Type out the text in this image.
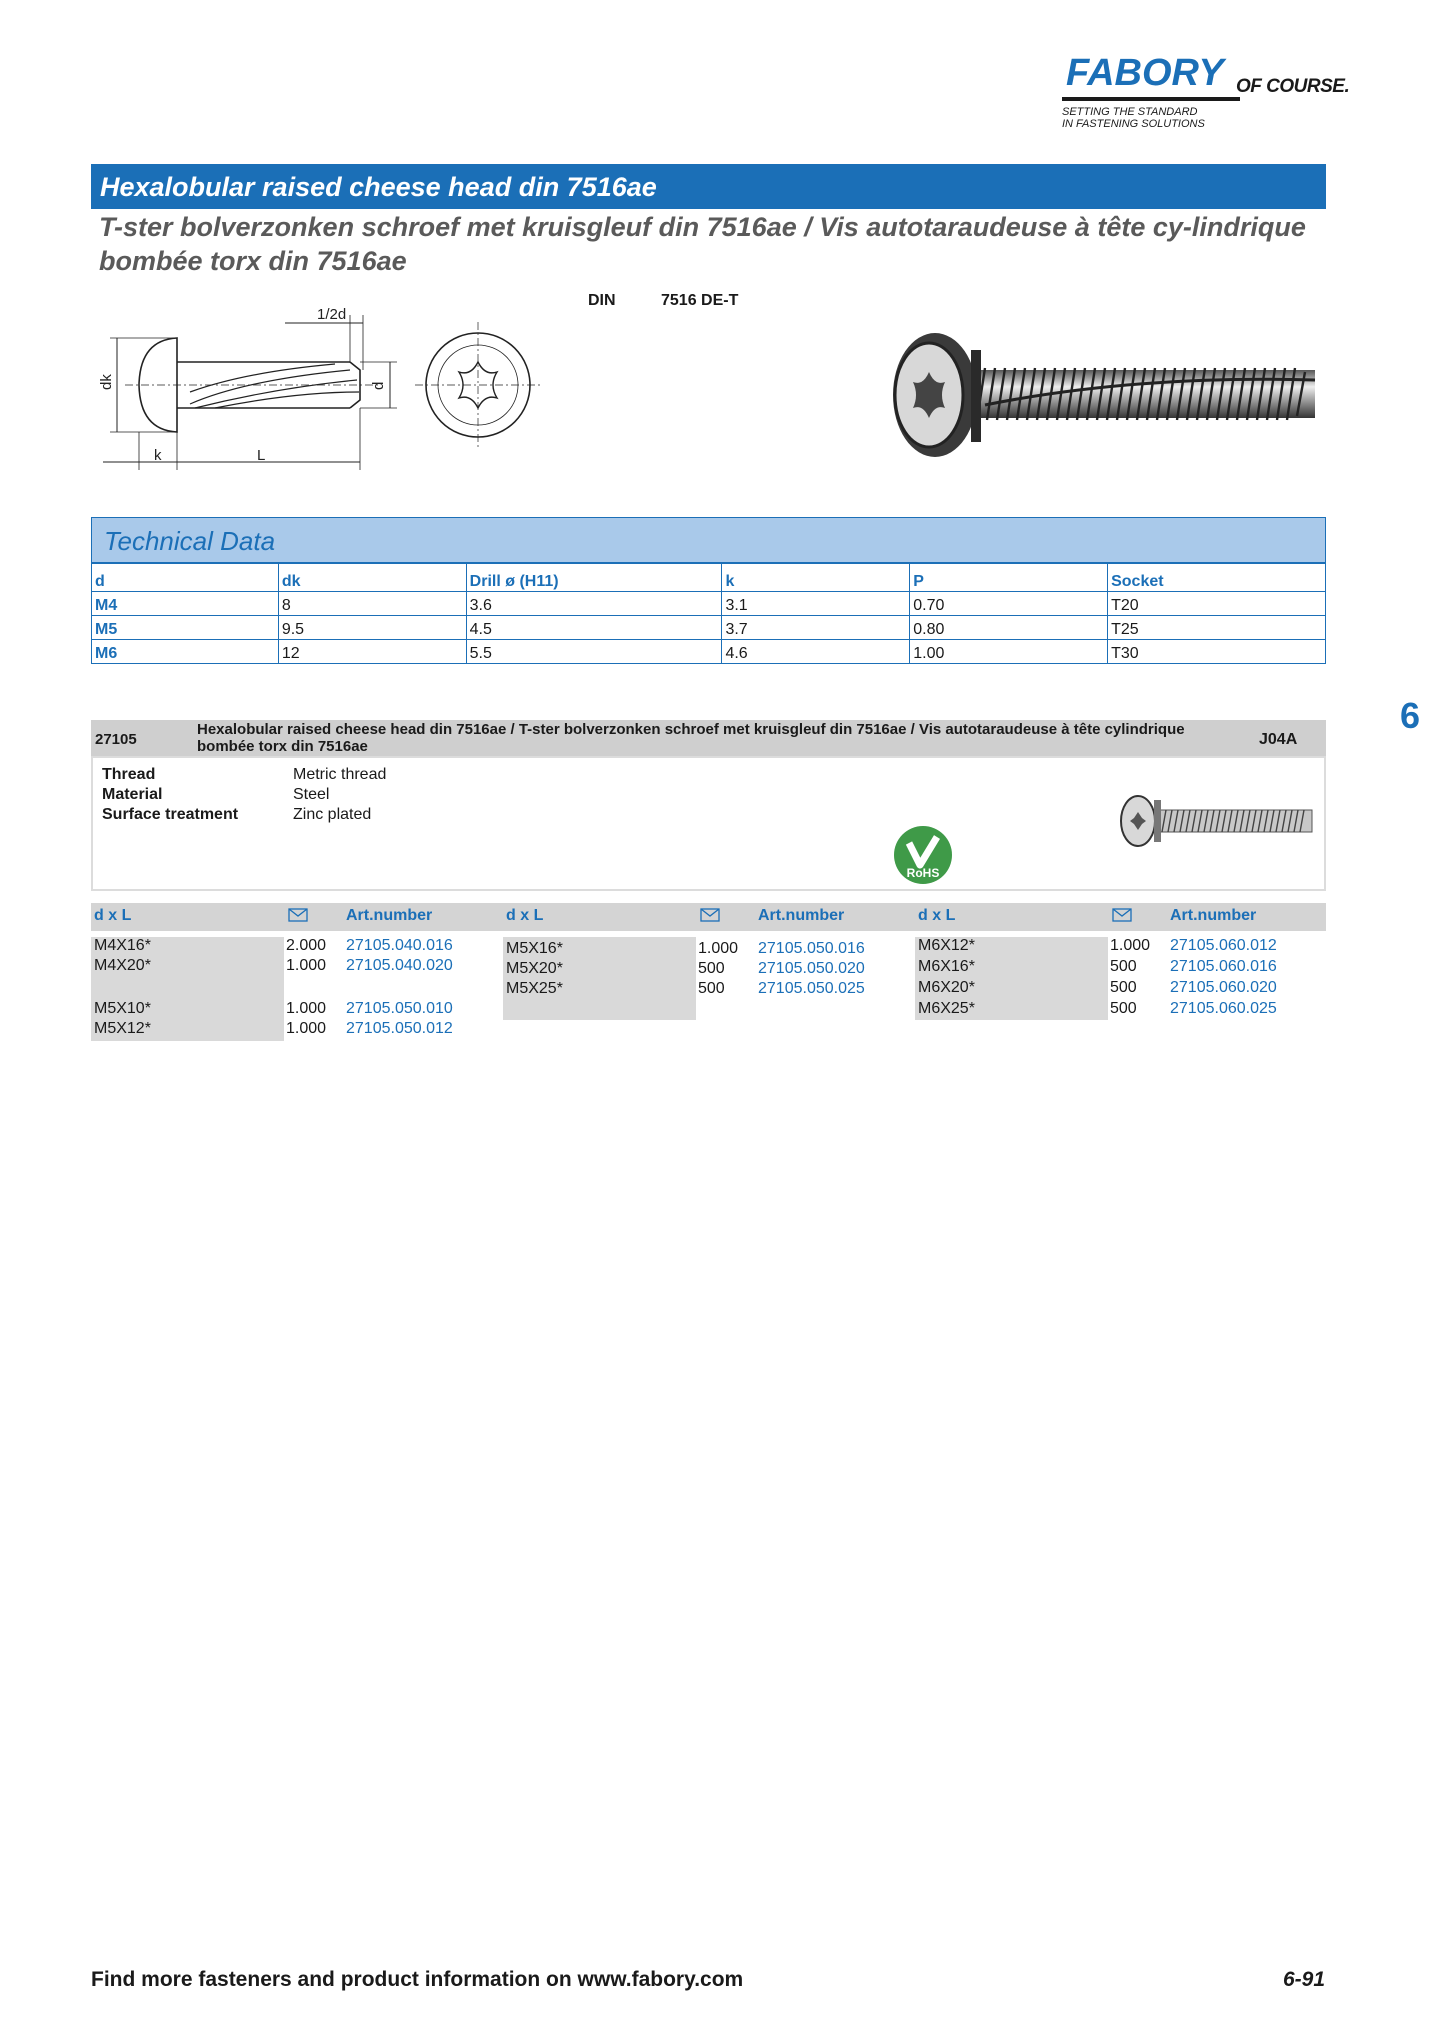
FABORY OF COURSE.
SETTING THE STANDARD
IN FASTENING SOLUTIONS
Hexalobular raised cheese head din 7516ae
T-ster bolverzonken schroef met kruisgleuf din 7516ae / Vis autotaraudeuse à tête cy-lindrique bombée torx din 7516ae
1/2d
dk	d
k	L
DIN	7516 DE-T
Technical Data
d	dk	Drill ø (H11)	k	P	Socket
M4	8	3.6	3.1	0.70	T20
M5	9.5	4.5	3.7	0.80	T25
M6	12	5.5	4.6	1.00	T30
6
27105
Hexalobular raised cheese head din 7516ae / T-ster bolverzonken schroef met kruisgleuf din 7516ae / Vis autotaraudeuse à tête cylindrique bombée torx din 7516ae	J04A
Thread	Metric thread
Material	Steel
Surface treatment	Zinc plated
RoHS
d x L	Art.number	d x L	Art.number	d x L	Art.number
M4X16*	2.000 27105.040.016
M4X20*	1.000 27105.040.020
M5X10*	1.000 27105.050.010
M5X12*	1.000 27105.050.012
M5X16*	1.000 27105.050.016
M5X20*	500 27105.050.020
M5X25*	500 27105.050.025
M6X12*	1.000 27105.060.012
M6X16*	500 27105.060.016
M6X20*	500 27105.060.020
M6X25*	500 27105.060.025
Find more fasteners and product information on www.fabory.com	6-91
